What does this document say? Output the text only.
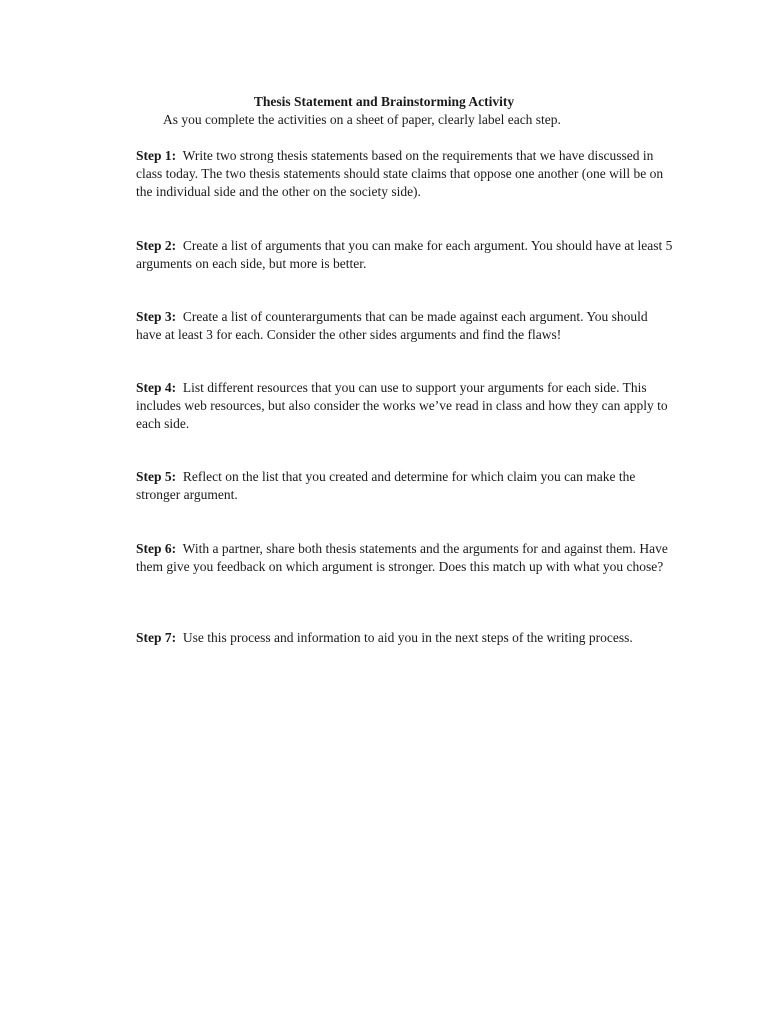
Thesis Statement and Brainstorming Activity
As you complete the activities on a sheet of paper, clearly label each step.
Step 1: Write two strong thesis statements based on the requirements that we have discussed in class today. The two thesis statements should state claims that oppose one another (one will be on the individual side and the other on the society side).
Step 2: Create a list of arguments that you can make for each argument. You should have at least 5 arguments on each side, but more is better.
Step 3: Create a list of counterarguments that can be made against each argument. You should have at least 3 for each. Consider the other sides arguments and find the flaws!
Step 4: List different resources that you can use to support your arguments for each side. This includes web resources, but also consider the works we’ve read in class and how they can apply to each side.
Step 5: Reflect on the list that you created and determine for which claim you can make the stronger argument.
Step 6: With a partner, share both thesis statements and the arguments for and against them. Have them give you feedback on which argument is stronger. Does this match up with what you chose?
Step 7: Use this process and information to aid you in the next steps of the writing process.
